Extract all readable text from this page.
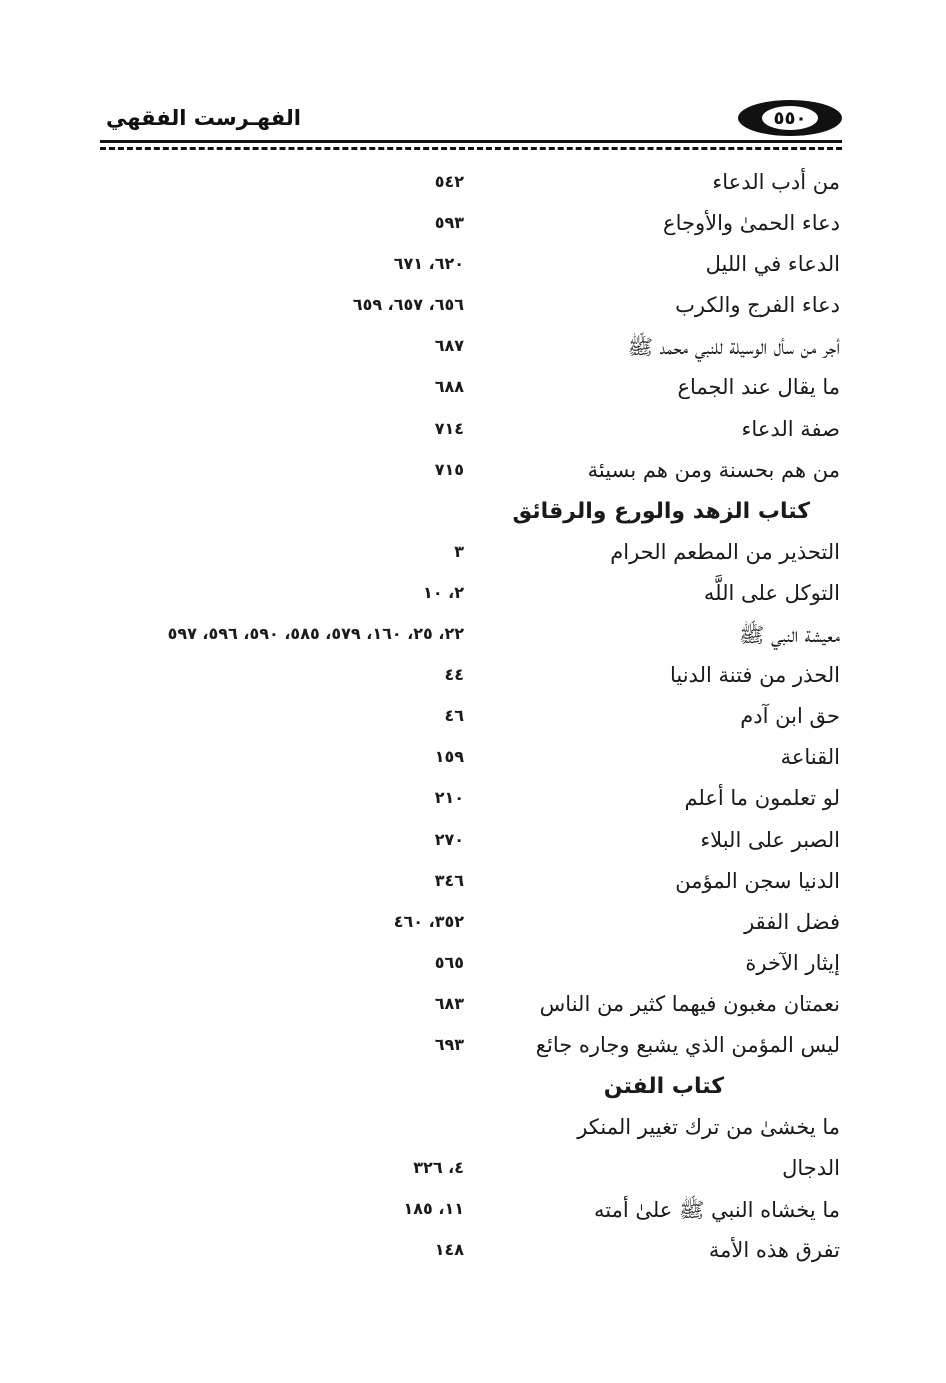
الفهـرست الفقهي	٥٥٠
من أدب الدعاء
٥٤٢
دعاء الحمىٰ والأوجاع
٥٩٣
الدعاء في الليل
٦٢٠، ٦٧١
دعاء الفرج والكرب
٦٥٦، ٦٥٧، ٦٥٩
أجر من سأل الوسيلة للنبي محمد ﷺ
٦٨٧
ما يقال عند الجماع
٦٨٨
صفة الدعاء
٧١٤
من هم بحسنة ومن هم بسيئة
٧١٥
كتاب الزهد والورع والرقائق
التحذير من المطعم الحرام
٣
التوكل على اللَّه
٢، ١٠
معيشة النبي ﷺ
٢٢، ٢٥، ١٦٠، ٥٧٩، ٥٨٥، ٥٩٠، ٥٩٦، ٥٩٧
الحذر من فتنة الدنيا
٤٤
حق ابن آدم
٤٦
القناعة
١٥٩
لو تعلمون ما أعلم
٢١٠
الصبر على البلاء
٢٧٠
الدنيا سجن المؤمن
٣٤٦
فضل الفقر
٣٥٢، ٤٦٠
إيثار الآخرة
٥٦٥
نعمتان مغبون فيهما كثير من الناس
٦٨٣
ليس المؤمن الذي يشبع وجاره جائع
٦٩٣
كتاب الفتن
ما يخشىٰ من ترك تغيير المنكر
الدجال
٤، ٣٢٦
ما يخشاه النبي ﷺ علىٰ أمته
١١، ١٨٥
تفرق هذه الأمة
١٤٨
